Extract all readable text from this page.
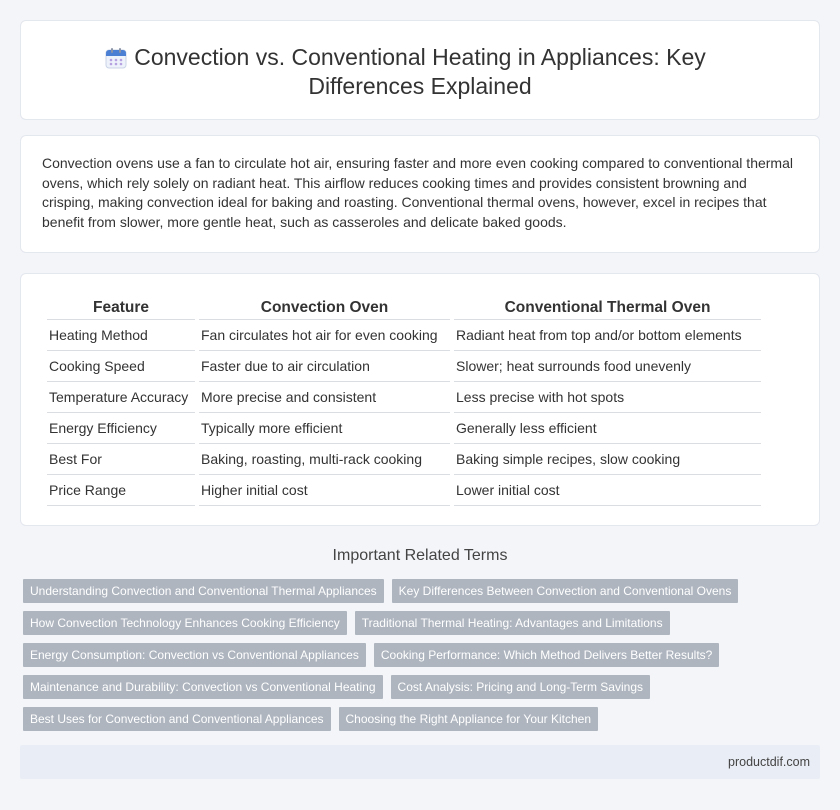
Convection vs. Conventional Heating in Appliances: Key Differences Explained

Convection ovens use a fan to circulate hot air, ensuring faster and more even cooking compared to conventional thermal ovens, which rely solely on radiant heat. This airflow reduces cooking times and provides consistent browning and crisping, making convection ideal for baking and roasting. Conventional thermal ovens, however, excel in recipes that benefit from slower, more gentle heat, such as casseroles and delicate baked goods.

Feature	Convection Oven	Conventional Thermal Oven
Heating Method	Fan circulates hot air for even cooking	Radiant heat from top and/or bottom elements
Cooking Speed	Faster due to air circulation	Slower; heat surrounds food unevenly
Temperature Accuracy	More precise and consistent	Less precise with hot spots
Energy Efficiency	Typically more efficient	Generally less efficient
Best For	Baking, roasting, multi-rack cooking	Baking simple recipes, slow cooking
Price Range	Higher initial cost	Lower initial cost
Important Related Terms
Understanding Convection and Conventional Thermal Appliances	Key Differences Between Convection and Conventional Ovens
How Convection Technology Enhances Cooking Efficiency	Traditional Thermal Heating: Advantages and Limitations
Energy Consumption: Convection vs Conventional Appliances	Cooking Performance: Which Method Delivers Better Results?
Maintenance and Durability: Convection vs Conventional Heating	Cost Analysis: Pricing and Long-Term Savings
Best Uses for Convection and Conventional Appliances	Choosing the Right Appliance for Your Kitchen
productdif.com
